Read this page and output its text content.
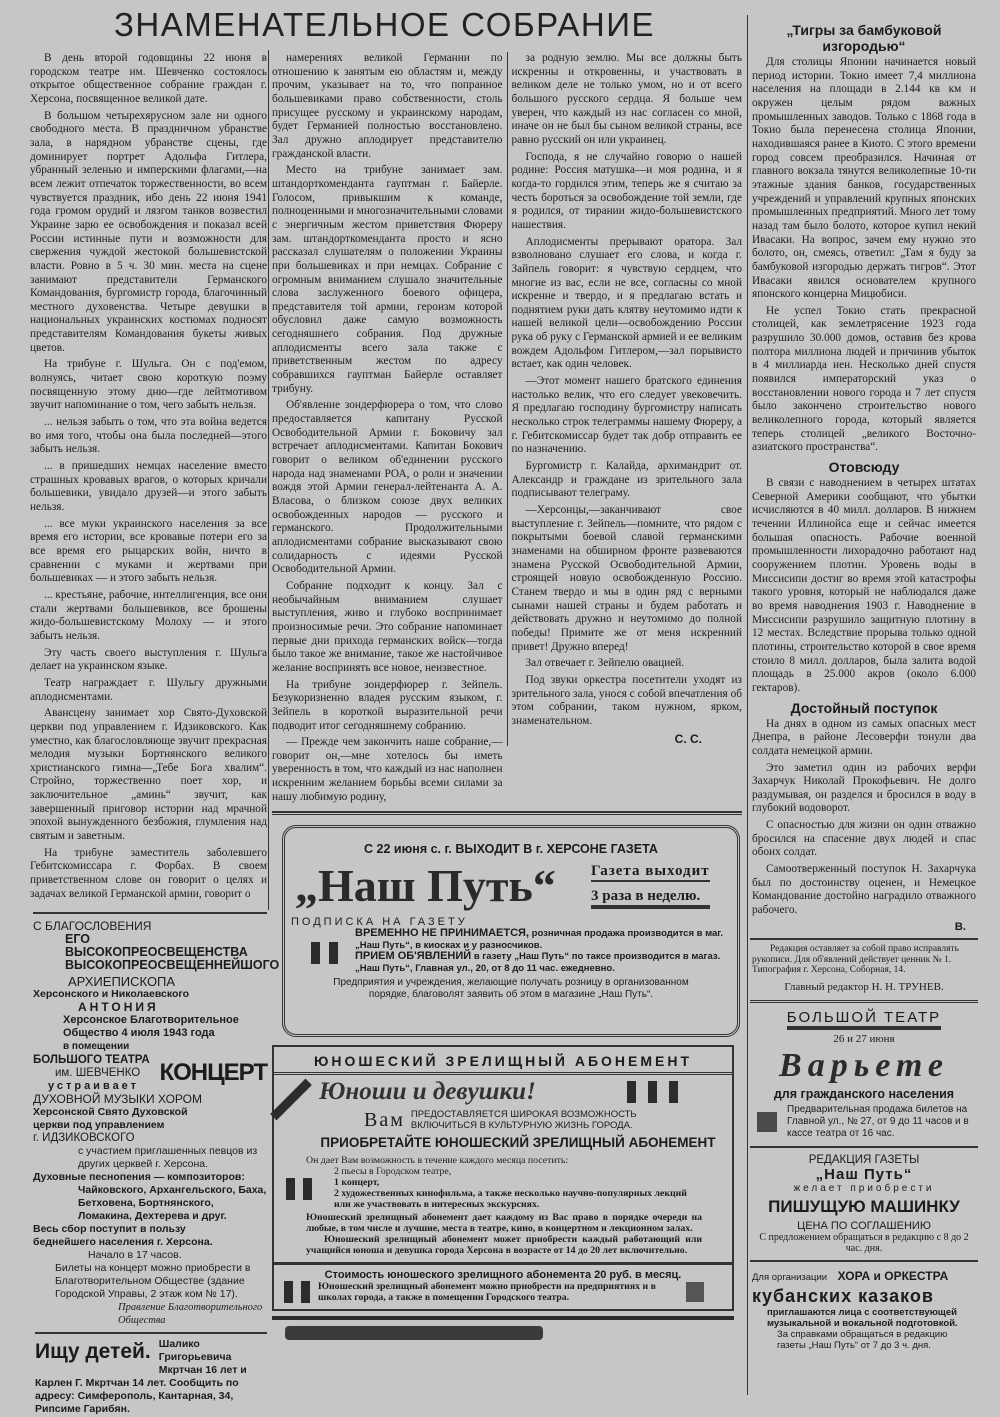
ЗНАМЕНАТЕЛЬНОЕ СОБРАНИЕ

В день второй годовщины 22 июня в городском театре им. Шевченко состоялось открытое общественное собрание граждан г. Херсона, посвященное великой дате.

В большом четырехярусном зале ни одного свободного места. В праздничном убранстве зала, в нарядном убранстве сцены, где доминирует портрет Адольфа Гитлера, убранный зеленью и имперскими флагами,—на всем лежит отпечаток торжественности, во всем чувствуется праздник, ибо день 22 июня 1941 года громом орудий и лязгом танков возвестил Украине зарю ее освобождения и показал всей России истинные пути и возможности для свержения чуждой жестокой большевистской власти. Ровно в 5 ч. 30 мин. места на сцене занимают представители Германского Командования, бургомистр города, благочинный местного духовенства. Четыре девушки в национальных украинских костюмах подносят представителям Командования букеты живых цветов.

На трибуне г. Шульга. Он с под'емом, волнуясь, читает свою короткую поэму посвященную этому дню—где лейтмотивом звучит напоминание о том, чего забыть нельзя.

... нельзя забыть о том, что эта война ведется во имя того, чтобы она была последней—этого забыть нельзя.

... в пришедших немцах население вместо страшных кровавых врагов, о которых кричали большевики, увидало друзей—и этого забыть нельзя.

... все муки украинского населения за все время его истории, все кровавые потери его за все время его рыцарских войн, ничто в сравнении с муками и жертвами при большевиках — и этого забыть нельзя.

... крестьяне, рабочие, интеллигенция, все они стали жертвами большевиков, все брошены жидо-большевистскому Молоху — и этого забыть нельзя.

Эту часть своего выступления г. Шульга делает на украинском языке.

Театр награждает г. Шульгу дружными аплодисментами.

Авансцену занимает хор Свято-Духовской церкви под управлением г. Идзиковского. Как уместно, как благословляюще звучит прекрасная мелодия музыки Бортнянского великого христианского гимна—„Тебе Бога хвалим“. Стройно, торжественно поет хор, и заключительное „аминь“ звучит, как завершенный приговор истории над мрачной эпохой вынужденного безбожия, глумления над святым и заветным.

На трибуне заместитель заболевшего Гебитскомиссара г. Форбах. В своем приветственном слове он говорит о целях и задачах великой Германской армии, говорит о

С БЛАГОСЛОВЕНИЯ
ЕГО ВЫСОКОПРЕОСВЕЩЕНСТВА
ВЫСОКОПРЕОСВЕЩЕННЕЙШОГО
АРХИЕПИСКОПА
Херсонского и Николаевского
АНТОНИЯ
Херсонское Благотворительное Общество 4 июля 1943 года
в помещении
БОЛЬШОГО ТЕАТРА
им. ШЕВЧЕНКО
устраивает КОНЦЕРТ
ДУХОВНОЙ МУЗЫКИ ХОРОМ
Херсонской Свято Духовской церкви под управлением
г. ИДЗИКОВСКОГО
с участием приглашенных певцов из других церквей г. Херсона.
Духовные песнопения — композиторов:
Чайковского, Архангельского, Баха, Бетховена, Бортнянского, Ломакина, Дехтерева и друг.
Весь сбор поступит в пользу беднейшего населения г. Херсона.
Начало в 17 часов.
Билеты на концерт можно приобрести в Благотворительном Обществе (здание Городской Управы, 2 этаж ком № 17).
Правление Благотворительного Общества
Ищу детей. Шалико Григорьевича Мкртчан 16 лет и Карлен Г. Мкртчан 14 лет. Сообщить по адресу: Симферополь, Кантарная, 34, Рипсиме Гарибян.

намерениях великой Германии по отношению к занятым ею областям и, между прочим, указывает на то, что попранное большевиками право собственности, столь присущее русскому и украинскому народам, будет Германией полностью восстановлено. Зал дружно аплодирует представителю гражданской власти.

Место на трибуне занимает зам. штандорткоменданта гауптман г. Байерле. Голосом, привыкшим к команде, полноценными и многозначительными словами с энергичным жестом приветствия Фюреру зам. штандорткоменданта просто и ясно рассказал слушателям о положении Украины при большевиках и при немцах. Собрание с огромным вниманием слушало значительные слова заслуженного боевого офицера, представителя той армии, героизм которой обусловил даже самую возможность сегодняшнего собрания. Под дружные аплодисменты всего зала также с приветственным жестом по адресу собравшихся гауптман Байерле оставляет трибуну.

Об'явление зондерфюрера о том, что слово предоставляется капитану Русской Освободительной Армии г. Боковичу зал встречает аплодисментами. Капитан Бокович говорит о великом об'единении русского народа над знаменами РОА, о роли и значении вождя этой Армии генерал-лейтенанта А. А. Власова, о близком союзе двух великих освобожденных народов — русского и германского. Продолжительными аплодисментами собрание высказывают свою солидарность с идеями Русской Освободительной Армии.

Собрание подходит к концу. Зал с необычайным вниманием слушает выступления, живо и глубоко воспринимает произносимые речи. Это собрание напоминает первые дни прихода германских войск—тогда было такое же внимание, такое же настойчивое желание воспринять все новое, неизвестное.

На трибуне зондерфюрер г. Зейпель. Безукоризненно владея русским языком, г. Зейпель в короткой выразительной речи подводит итог сегодняшнему собранию.

— Прежде чем закончить наше собрание,—говорит он,—мне хотелось бы иметь уверенность в том, что каждый из нас наполнен искренним желанием борьбы всеми силами за нашу любимую родину,

за родную землю. Мы все должны быть искренны и откровенны, и участвовать в великом деле не только умом, но и от всего большого русского сердца. Я больше чем уверен, что каждый из нас согласен со мной, иначе он не был бы сыном великой страны, все равно русский он или украинец.

Господа, я не случайно говорю о нашей родине: Россия матушка—и моя родина, и я когда-то гордился этим, теперь же я считаю за честь бороться за освобождение той земли, где я родился, от тирании жидо-большевистского нашествия.

Аплодисменты прерывают оратора. Зал взволновано слушает его слова, и когда г. Зайпель говорит: я чувствую сердцем, что многие из вас, если не все, согласны со мной искренне и твердо, и я предлагаю встать и поднятием руки дать клятву неутомимо идти к нашей великой цели—освобождению России рука об руку с Германской армией и ее великим вождем Адольфом Гитлером,—зал порывисто встает, как один человек.

—Этот момент нашего братского единения настолько велик, что его следует увековечить. Я предлагаю господину бургомистру написать несколько строк телеграммы нашему Фюреру, а г. Гебитскомиссар будет так добр отправить ее по назначению.

Бургомистр г. Калайда, архимандрит от. Александр и граждане из зрительного зала подписывают телеграму.

—Херсонцы,—заканчивают свое выступление г. Зейпель—помните, что рядом с покрытыми боевой славой германскими знаменами на обширном фронте развеваются знамена Русской Освободительной Армии, строящей новую освобожденную Россию. Станем твердо и мы в один ряд с верными сынами нашей страны и будем работать и действовать дружно и неутомимо до полной победы! Примите же от меня искренний привет! Дружно вперед!

Зал отвечает г. Зейпелю овацией.

Под звуки оркестра посетители уходят из зрительного зала, унося с собой впечатления об этом собрании, таком нужном, ярком, знаменательном.

С. С.
С 22 июня с. г. ВЫХОДИТ В г. ХЕРСОНЕ ГАЗЕТА
„Наш Путь“	Газета выходит
3 раза в неделю.
ПОДПИСКА НА ГАЗЕТУ

ВРЕМЕННО НЕ ПРИНИМАЕТСЯ, розничная продажа производится в маг. „Наш Путь“, в киосках и у разносчиков.
ПРИЕМ ОБ'ЯВЛЕНИЙ в газету „Наш Путь“ по таксе производится в магаз. „Наш Путь“, Главная ул., 20, от 8 до 11 час. ежедневно.
Предприятия и учреждения, желающие получать розницу в организованном порядке, благоволят заявить об этом в магазине „Наш Путь“.
ЮНОШЕСКИЙ ЗРЕЛИЩНЫЙ АБОНЕМЕНТ
Юноши и девушки!
Вам ПРЕДОСТАВЛЯЕТСЯ ШИРОКАЯ ВОЗМОЖНОСТЬ ВКЛЮЧИТЬСЯ В КУЛЬТУРНУЮ ЖИЗНЬ ГОРОДА.
ПРИОБРЕТАЙТЕ ЮНОШЕСКИЙ ЗРЕЛИЩНЫЙ АБОНЕМЕНТ
Он дает Вам возможность в течение каждого месяца посетить:
2 пьесы в Городском театре,
1 концерт,
2 художественных кинофильма, а также несколько научно-популярных лекций или же участвовать в интересных экскурсиях.
Юношеский зрелищный абонемент дает каждому из Вас право в порядке очереди на любые, в том числе и лучшие, места в театре, кино, в концертном и лекционном залах.
Юношеский зрелищный абонемент может приобрести каждый работающий или учащийся юноша и девушка города Херсона в возрасте от 14 до 20 лет включительно.
Стоимость юношеского зрелищного абонемента 20 руб. в месяц.
Юношеский зрелищный абонемент можно приобрести на предприятиях и в школах города, а также в помещении Городского театра.
„Тигры за бамбуковой изгородью“

Для столицы Японии начинается новый период истории. Токио имеет 7,4 миллиона населения на площади в 2.144 кв км и окружен целым рядом важных промышленных заводов. Только с 1868 года в Токио была перенесена столица Японии, находившаяся ранее в Киото. С этого времени город совсем преобразился. Начиная от главного вокзала тянутся великолепные 10-ти этажные здания банков, государственных учреждений и управлений крупных японских промышленных предприятий. Много лет тому назад там было болото, которое купил некий Ивасаки. На вопрос, зачем ему нужно это болото, он, смеясь, ответил: „Там я буду за бамбуковой изгородью держать тигров“. Этот Ивасаки явился основателем крупного японского концерна Мицюбиси.

Не успел Токио стать прекрасной столицей, как землетрясение 1923 года разрушило 30.000 домов, оставив без крова полтора миллиона людей и причинив убыток в 4 миллиарда иен. Несколько дней спустя появился императорский указ о восстановлении нового города и 7 лет спустя было закончено строительство нового великолепного города, который является теперь столицей „великого Восточно-азиатского пространства“.

Отовсюду

В связи с наводнением в четырех штатах Северной Америки сообщают, что убытки исчисляются в 40 милл. долларов. В нижнем течении Иллинойса еще и сейчас имеется большая опасность. Рабочие военной промышленности лихорадочно работают над сооружением плотин. Уровень воды в Миссисипи достиг во время этой катастрофы такого уровня, который не наблюдался даже во время наводнения 1903 г. Наводнение в Миссисипи разрушило защитную плотину в 12 местах. Вследствие прорыва только одной плотины, строительство которой в свое время стоило 8 милл. долларов, была залита водой площадь в 25.000 акров (около 6.000 гектаров).

Достойный поступок

На днях в одном из самых опасных мест Днепра, в районе Лесоверфи тонули два солдата немецкой армии.

Это заметил один из рабочих верфи Захарчук Николай Прокофьевич. Не долго раздумывая, он разделся и бросился в воду в глубокий водоворот.

С опасностью для жизни он один отважно бросился на спасение двух людей и спас обоих солдат.

Самоотверженный поступок Н. Захарчука был по достоинству оценен, и Немецкое Командование достойно наградило отважного рабочего.

В.
Редакция оставляет за собой право исправлять рукописи. Для об'явлений действует ценник № 1. Типография г. Херсона, Соборная, 14.
Главный редактор Н. Н. ТРУНЕВ.
БОЛЬШОЙ ТЕАТР
26 и 27 июня
Варьете
для гражданского населения
Предварительная продажа билетов на Главной ул., № 27, от 9 до 11 часов и в кассе театра от 16 час.
РЕДАКЦИЯ ГАЗЕТЫ
„Наш Путь“
желает приобрести
ПИШУЩУЮ МАШИНКУ
ЦЕНА ПО СОГЛАШЕНИЮ
С предложением обращаться в редакцию с 8 до 2 час. дня.
Для организации ХОРА и ОРКЕСТРА
кубанских казаков
приглашаются лица с соответствующей музыкальной и вокальной подготовкой.
За справками обращаться в редакцию газеты „Наш Путь“ от 7 до 3 ч. дня.
